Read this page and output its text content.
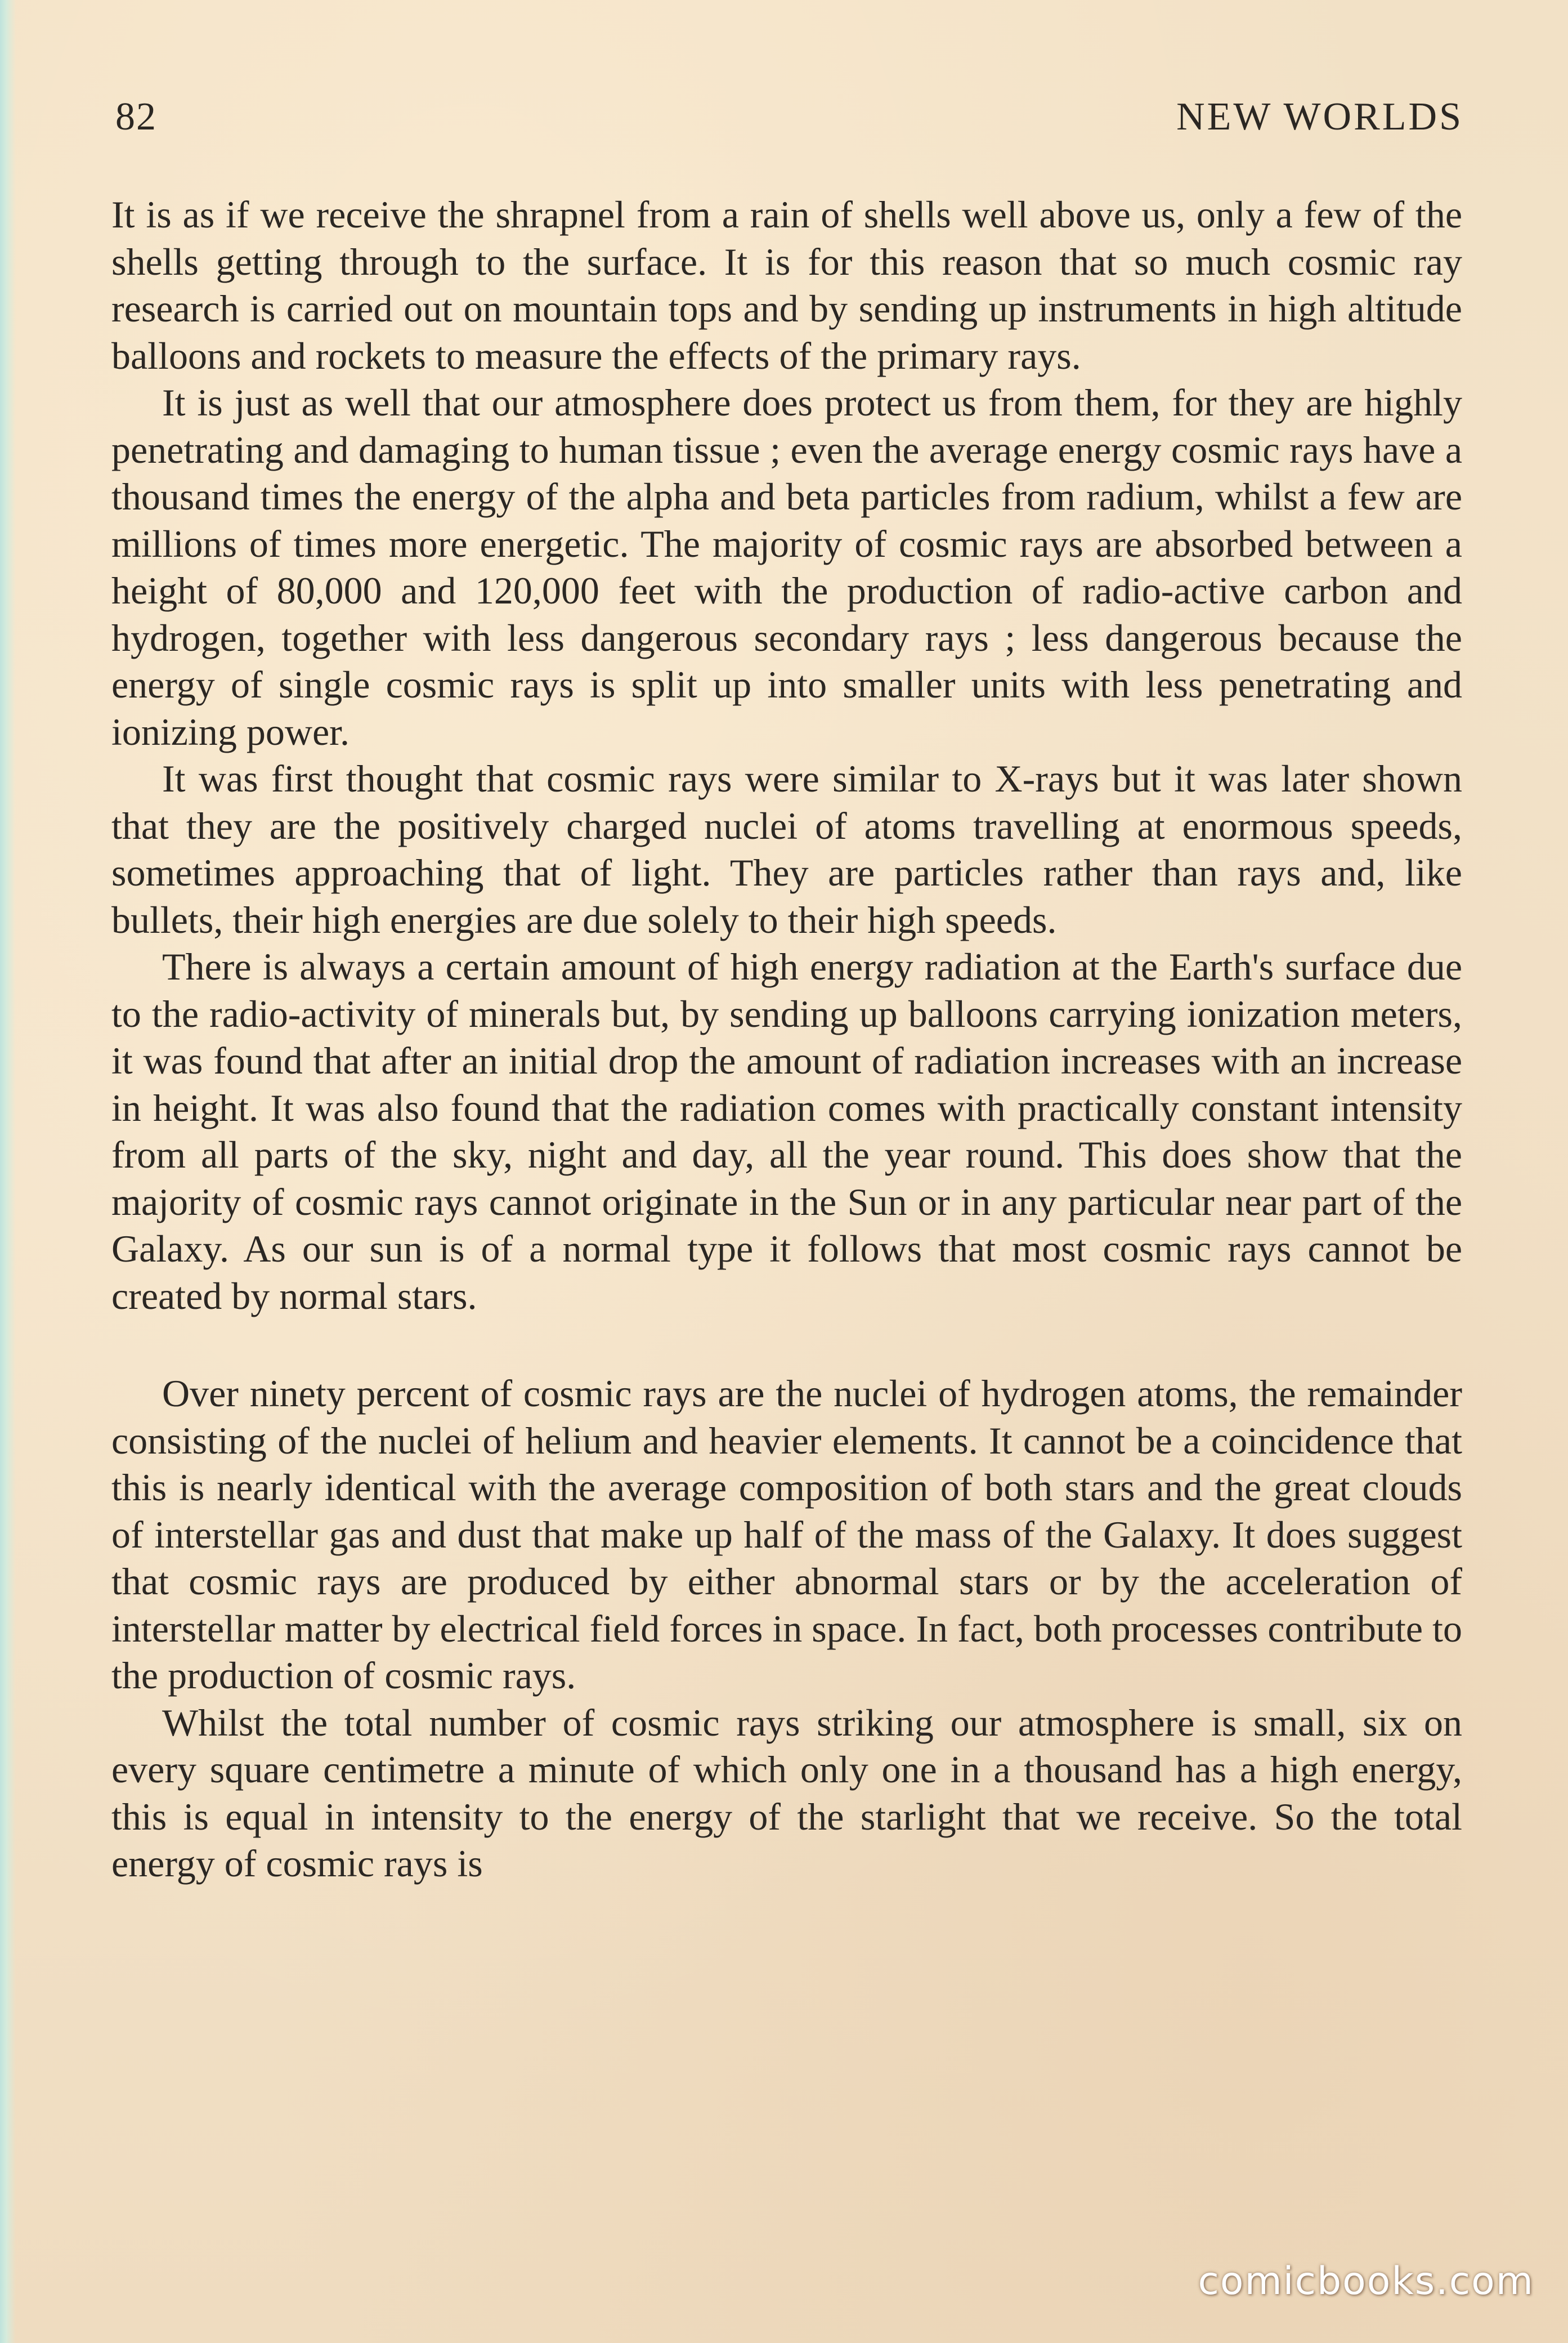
82	NEW WORLDS

It is as if we receive the shrapnel from a rain of shells well above us, only a few of the shells getting through to the surface. It is for this reason that so much cosmic ray research is carried out on mountain tops and by sending up instruments in high altitude balloons and rockets to measure the effects of the primary rays.

It is just as well that our atmosphere does protect us from them, for they are highly penetrating and damaging to human tissue ; even the average energy cosmic rays have a thousand times the energy of the alpha and beta particles from radium, whilst a few are millions of times more energetic. The majority of cosmic rays are absorbed between a height of 80,000 and 120,000 feet with the production of radio-active carbon and hydrogen, together with less dangerous secondary rays ; less dangerous because the energy of single cosmic rays is split up into smaller units with less penetrating and ionizing power.

It was first thought that cosmic rays were similar to X-rays but it was later shown that they are the positively charged nuclei of atoms travelling at enormous speeds, sometimes approaching that of light. They are particles rather than rays and, like bullets, their high energies are due solely to their high speeds.

There is always a certain amount of high energy radiation at the Earth's surface due to the radio-activity of minerals but, by sending up balloons carrying ionization meters, it was found that after an initial drop the amount of radiation increases with an increase in height. It was also found that the radiation comes with practically constant intensity from all parts of the sky, night and day, all the year round. This does show that the majority of cosmic rays cannot originate in the Sun or in any particular near part of the Galaxy. As our sun is of a normal type it follows that most cosmic rays cannot be created by normal stars.

Over ninety percent of cosmic rays are the nuclei of hydrogen atoms, the remainder consisting of the nuclei of helium and heavier elements. It cannot be a coincidence that this is nearly identical with the average composition of both stars and the great clouds of interstellar gas and dust that make up half of the mass of the Galaxy. It does suggest that cosmic rays are produced by either abnormal stars or by the acceleration of interstellar matter by electrical field forces in space. In fact, both processes contribute to the production of cosmic rays.

Whilst the total number of cosmic rays striking our atmosphere is small, six on every square centimetre a minute of which only one in a thousand has a high energy, this is equal in intensity to the energy of the starlight that we receive. So the total energy of cosmic rays is

comicbooks.com
